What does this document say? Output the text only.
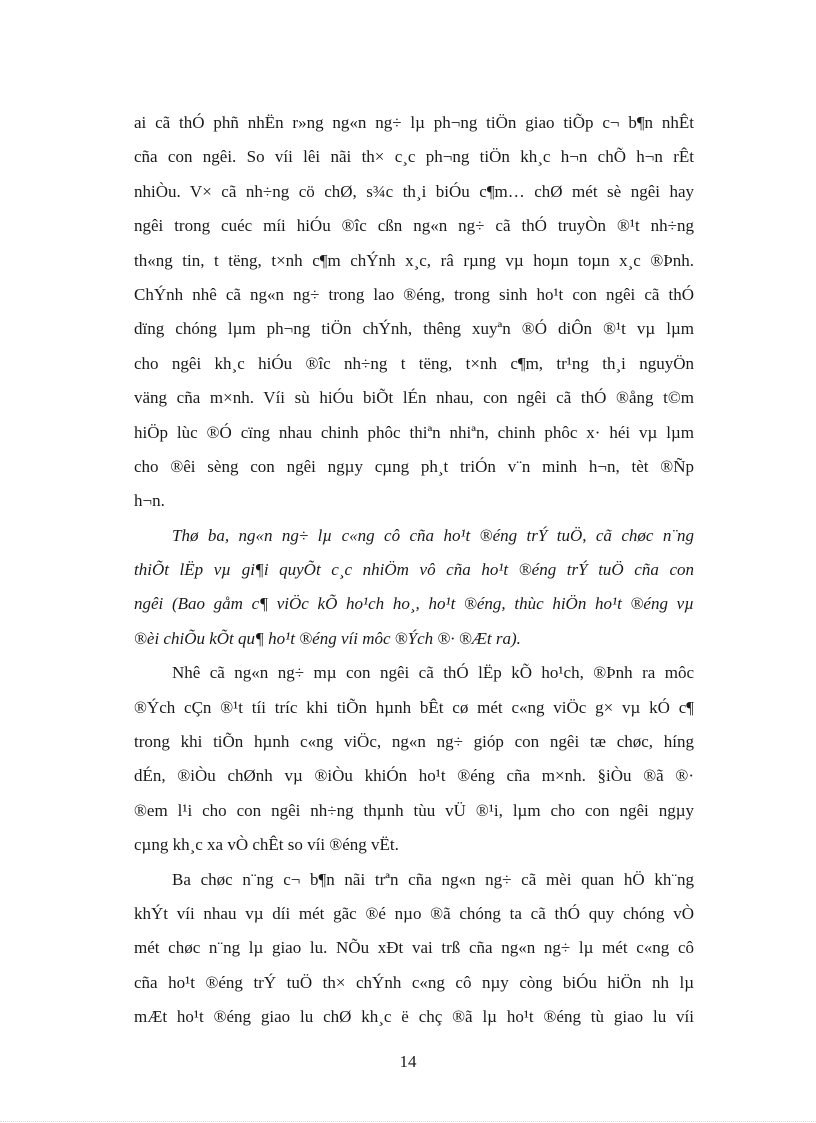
ai cã thÓ phñ nhËn r»ng ng«n ng÷ lµ ph¬ng tiÖn giao tiÕp c¬ b¶n nhÊt
cña con ngêi. So víi lêi nãi th× c¸c ph¬ng tiÖn kh¸c h¬n chÕ h¬n rÊt
nhiÒu. V× cã nh÷ng cö chØ, s¾c th¸i biÓu c¶m… chØ mét sè ngêi hay
ngêi trong cuéc míi hiÓu ®îc cßn ng«n ng÷ cã thÓ truyÒn ®¹t nh÷ng
th«ng tin, t tëng, t×nh c¶m chÝnh x¸c, râ rµng vµ hoµn toµn x¸c ®Þnh.
ChÝnh nhê cã ng«n ng÷ trong lao ®éng, trong sinh ho¹t con ngêi cã thÓ
dïng chóng lµm ph¬ng tiÖn chÝnh, thêng xuyªn ®Ó diÔn ®¹t vµ lµm
cho ngêi kh¸c hiÓu ®îc nh÷ng t tëng, t×nh c¶m, tr¹ng th¸i nguyÖn
väng cña m×nh. Víi sù hiÓu biÕt lÉn nhau, con ngêi cã thÓ ®ång t©m
hiÖp lùc ®Ó cïng nhau chinh phôc thiªn nhiªn, chinh phôc x· héi vµ lµm
cho ®êi sèng con ngêi ngµy cµng ph¸t triÓn v¨n minh h¬n, tèt ®Ñp
h¬n.
Thø ba, ng«n ng÷ lµ c«ng cô cña ho¹t ®éng trÝ tuÖ, cã chøc n¨ng
thiÕt lËp vµ gi¶i quyÕt c¸c nhiÖm vô cña ho¹t ®éng trÝ tuÖ cña con
ngêi (Bao gåm c¶ viÖc kÕ ho¹ch ho¸, ho¹t ®éng, thùc hiÖn ho¹t ®éng vµ
®èi chiÕu kÕt qu¶ ho¹t ®éng víi môc ®Ých ®· ®Æt ra).
Nhê cã ng«n ng÷ mµ con ngêi cã thÓ lËp kÕ ho¹ch, ®Þnh ra môc
®Ých cÇn ®¹t tíi tríc khi tiÕn hµnh bÊt cø mét c«ng viÖc g× vµ kÓ c¶
trong khi tiÕn hµnh c«ng viÖc, ng«n ng÷ gióp con ngêi tæ chøc, híng
dÉn, ®iÒu chØnh vµ ®iÒu khiÓn ho¹t ®éng cña m×nh. §iÒu ®ã ®·
®em l¹i cho con ngêi nh÷ng thµnh tùu vÜ ®¹i, lµm cho con ngêi ngµy
cµng kh¸c xa vÒ chÊt so víi ®éng vËt.
Ba chøc n¨ng c¬ b¶n nãi trªn cña ng«n ng÷ cã mèi quan hÖ kh¨ng
khÝt víi nhau vµ díi mét gãc ®é nµo ®ã chóng ta cã thÓ quy chóng vÒ
mét chøc n¨ng lµ giao lu. NÕu xÐt vai trß cña ng«n ng÷ lµ mét c«ng cô
cña ho¹t ®éng trÝ tuÖ th× chÝnh c«ng cô nµy còng biÓu hiÖn nh lµ
mÆt ho¹t ®éng giao lu chØ kh¸c ë chç ®ã lµ ho¹t ®éng tù giao lu víi
14
